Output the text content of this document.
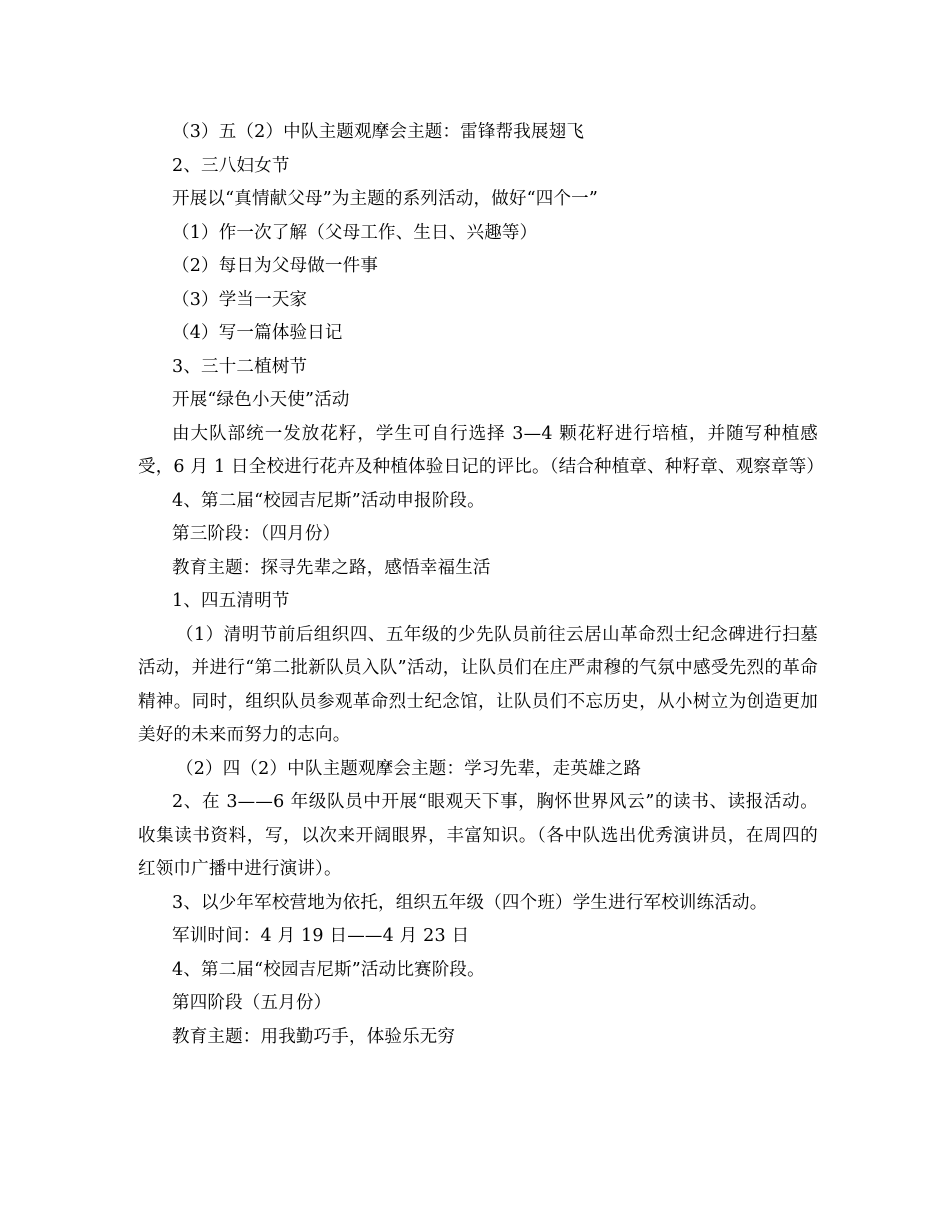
（3）五（2）中队主题观摩会主题：雷锋帮我展翅飞
2、三八妇女节
开展以“真情献父母”为主题的系列活动，做好“四个一”
（1）作一次了解（父母工作、生日、兴趣等）
（2）每日为父母做一件事
（3）学当一天家
（4）写一篇体验日记
3、三十二植树节
开展“绿色小天使”活动
由大队部统一发放花籽，学生可自行选择 3—4 颗花籽进行培植，并随写种植感受，6 月 1 日全校进行花卉及种植体验日记的评比。（结合种植章、种籽章、观察章等）
4、第二届“校园吉尼斯”活动申报阶段。
第三阶段：（四月份）
教育主题：探寻先辈之路，感悟幸福生活
1、四五清明节
（1）清明节前后组织四、五年级的少先队员前往云居山革命烈士纪念碑进行扫墓活动，并进行“第二批新队员入队”活动，让队员们在庄严肃穆的气氛中感受先烈的革命精神。同时，组织队员参观革命烈士纪念馆，让队员们不忘历史，从小树立为创造更加美好的未来而努力的志向。
（2）四（2）中队主题观摩会主题：学习先辈，走英雄之路
2、在 3——6 年级队员中开展“眼观天下事，胸怀世界风云”的读书、读报活动。收集读书资料，写，以次来开阔眼界，丰富知识。（各中队选出优秀演讲员，在周四的红领巾广播中进行演讲）。
3、以少年军校营地为依托，组织五年级（四个班）学生进行军校训练活动。
军训时间：4 月 19 日——4 月 23 日
4、第二届“校园吉尼斯”活动比赛阶段。
第四阶段（五月份）
教育主题：用我勤巧手，体验乐无穷
